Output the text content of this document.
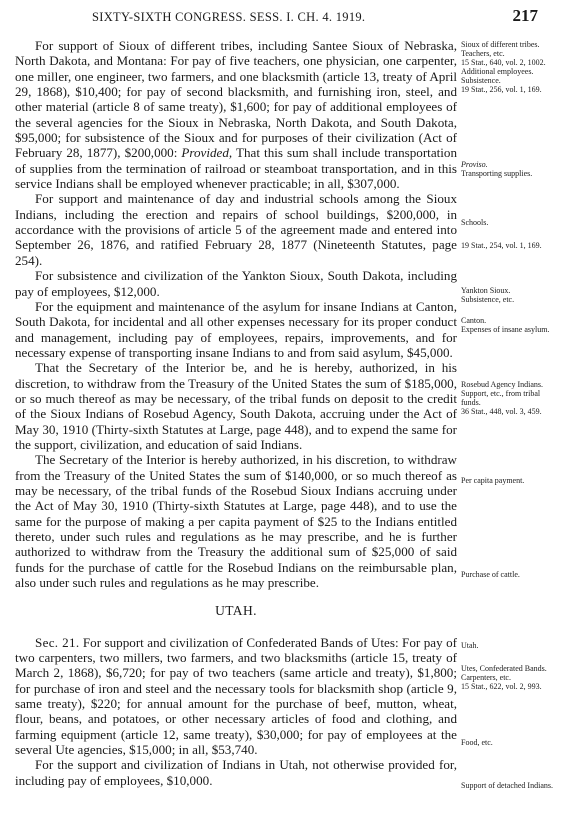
SIXTY-SIXTH CONGRESS. SESS. I. CH. 4. 1919.	217

For support of Sioux of different tribes, including Santee Sioux of Nebraska, North Dakota, and Montana: For pay of five teachers, one physician, one carpenter, one miller, one engineer, two farmers, and one blacksmith (article 13, treaty of April 29, 1868), $10,400; for pay of second blacksmith, and furnishing iron, steel, and other material (article 8 of same treaty), $1,600; for pay of additional employees of the several agencies for the Sioux in Nebraska, North Dakota, and South Dakota, $95,000; for subsistence of the Sioux and for purposes of their civilization (Act of February 28, 1877), $200,000: Provided, That this sum shall include transportation of supplies from the termination of railroad or steamboat transportation, and in this service Indians shall be employed whenever practicable; in all, $307,000.

For support and maintenance of day and industrial schools among the Sioux Indians, including the erection and repairs of school buildings, $200,000, in accordance with the provisions of article 5 of the agreement made and entered into September 26, 1876, and ratified February 28, 1877 (Nineteenth Statutes, page 254).

For subsistence and civilization of the Yankton Sioux, South Dakota, including pay of employees, $12,000.

For the equipment and maintenance of the asylum for insane Indians at Canton, South Dakota, for incidental and all other expenses necessary for its proper conduct and management, including pay of employees, repairs, improvements, and for necessary expense of transporting insane Indians to and from said asylum, $45,000.

That the Secretary of the Interior be, and he is hereby, authorized, in his discretion, to withdraw from the Treasury of the United States the sum of $185,000, or so much thereof as may be necessary, of the tribal funds on deposit to the credit of the Sioux Indians of Rosebud Agency, South Dakota, accruing under the Act of May 30, 1910 (Thirty-sixth Statutes at Large, page 448), and to expend the same for the support, civilization, and education of said Indians.

The Secretary of the Interior is hereby authorized, in his discretion, to withdraw from the Treasury of the United States the sum of $140,000, or so much thereof as may be necessary, of the tribal funds of the Rosebud Sioux Indians accruing under the Act of May 30, 1910 (Thirty-sixth Statutes at Large, page 448), and to use the same for the purpose of making a per capita payment of $25 to the Indians entitled thereto, under such rules and regulations as he may prescribe, and he is further authorized to withdraw from the Treasury the additional sum of $25,000 of said funds for the purchase of cattle for the Rosebud Indians on the reimbursable plan, also under such rules and regulations as he may prescribe.

UTAH.

Sec. 21. For support and civilization of Confederated Bands of Utes: For pay of two carpenters, two millers, two farmers, and two blacksmiths (article 15, treaty of March 2, 1868), $6,720; for pay of two teachers (same article and treaty), $1,800; for purchase of iron and steel and the necessary tools for blacksmith shop (article 9, same treaty), $220; for annual amount for the purchase of beef, mutton, wheat, flour, beans, and potatoes, or other necessary articles of food and clothing, and farming equipment (article 12, same treaty), $30,000; for pay of employees at the several Ute agencies, $15,000; in all, $53,740.

For the support and civilization of Indians in Utah, not otherwise provided for, including pay of employees, $10,000.

Sioux of different tribes.
Teachers, etc.
15 Stat., 640, vol. 2, 1002.
Additional employees.
Subsistence.
19 Stat., 256, vol. 1, 169.
Proviso.
Transporting supplies.
Schools.
19 Stat., 254, vol. 1, 169.
Yankton Sioux.
Subsistence, etc.
Canton.
Expenses of insane asylum.
Rosebud Agency Indians.
Support, etc., from tribal funds.
36 Stat., 448, vol. 3, 459.
Per capita payment.
Purchase of cattle.
Utah.
Utes, Confederated Bands.
Carpenters, etc.
15 Stat., 622, vol. 2, 993.
Food, etc.
Support of detached Indians.
